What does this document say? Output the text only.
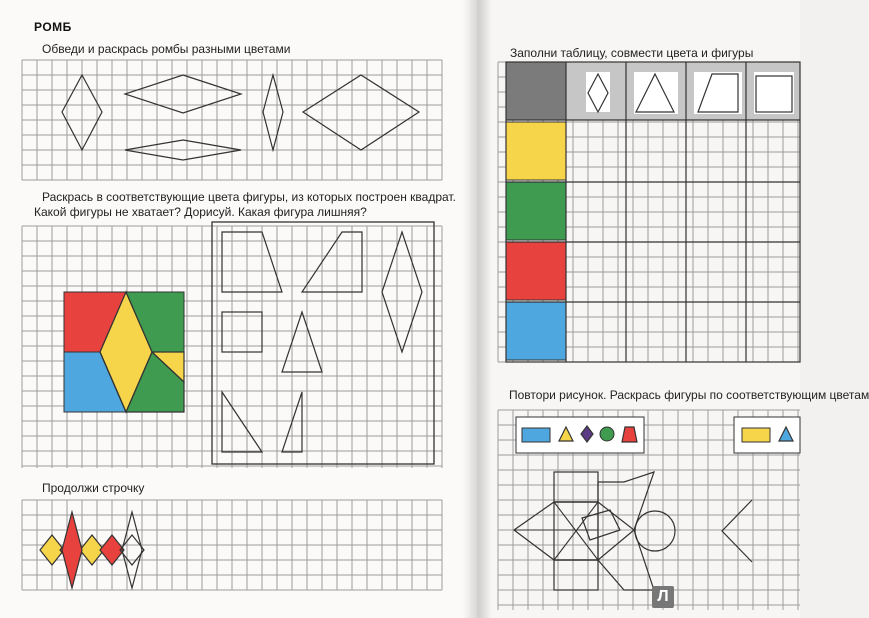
РОМБ
Обведи и раскрась ромбы разными цветами
Раскрась в соответствующие цвета фигуры, из которых построен квадрат.
Какой фигуры не хватает? Дорисуй. Какая фигура лишняя?
Продолжи строчку
Заполни таблицу, совмести цвета и фигуры
Повтори рисунок. Раскрась фигуры по соответствующим цветам
Л
